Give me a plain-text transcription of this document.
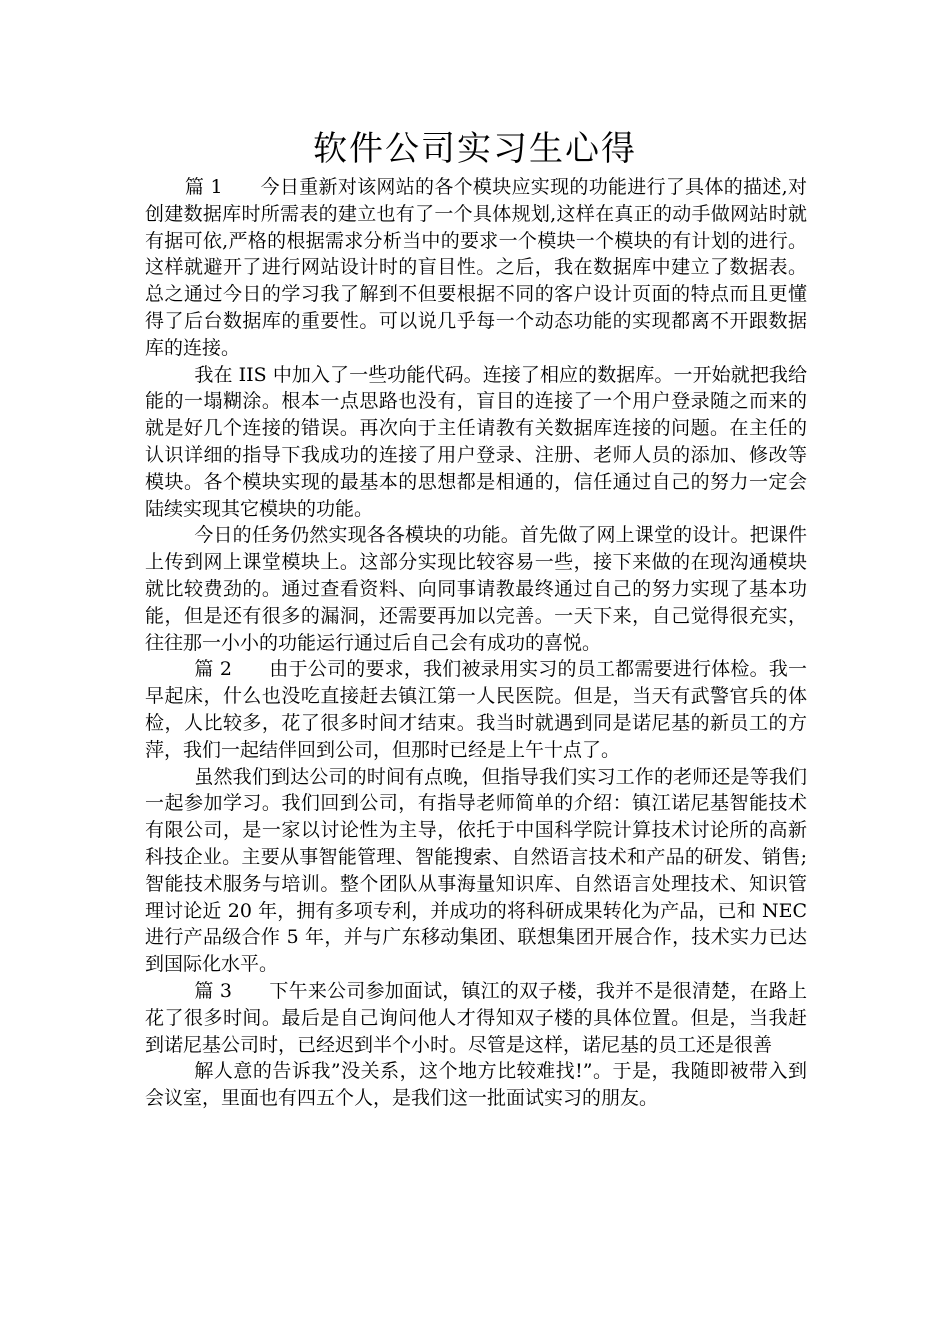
软件公司实习生心得

篇 1 今日重新对该网站的各个模块应实现的功能进行了具体的描述,对创建数据库时所需表的建立也有了一个具体规划,这样在真正的动手做网站时就有据可依,严格的根据需求分析当中的要求一个模块一个模块的有计划的进行。这样就避开了进行网站设计时的盲目性。之后，我在数据库中建立了数据表。总之通过今日的学习我了解到不但要根据不同的客户设计页面的特点而且更懂得了后台数据库的重要性。可以说几乎每一个动态功能的实现都离不开跟数据库的连接。

我在 IIS 中加入了一些功能代码。连接了相应的数据库。一开始就把我给能的一塌糊涂。根本一点思路也没有，盲目的连接了一个用户登录随之而来的就是好几个连接的错误。再次向于主任请教有关数据库连接的问题。在主任的认识详细的指导下我成功的连接了用户登录、注册、老师人员的添加、修改等模块。各个模块实现的最基本的思想都是相通的，信任通过自己的努力一定会陆续实现其它模块的功能。

今日的任务仍然实现各各模块的功能。首先做了网上课堂的设计。把课件上传到网上课堂模块上。这部分实现比较容易一些，接下来做的在现沟通模块就比较费劲的。通过查看资料、向同事请教最终通过自己的努力实现了基本功能，但是还有很多的漏洞，还需要再加以完善。一天下来，自己觉得很充实，往往那一小小的功能运行通过后自己会有成功的喜悦。

篇 2 由于公司的要求，我们被录用实习的员工都需要进行体检。我一早起床，什么也没吃直接赶去镇江第一人民医院。但是，当天有武警官兵的体检，人比较多，花了很多时间才结束。我当时就遇到同是诺尼基的新员工的方萍，我们一起结伴回到公司，但那时已经是上午十点了。

虽然我们到达公司的时间有点晚，但指导我们实习工作的老师还是等我们一起参加学习。我们回到公司，有指导老师简单的介绍：镇江诺尼基智能技术有限公司，是一家以讨论性为主导，依托于中国科学院计算技术讨论所的高新科技企业。主要从事智能管理、智能搜索、自然语言技术和产品的研发、销售;智能技术服务与培训。整个团队从事海量知识库、自然语言处理技术、知识管理讨论近 20 年，拥有多项专利，并成功的将科研成果转化为产品，已和 NEC 进行产品级合作 5 年，并与广东移动集团、联想集团开展合作，技术实力已达到国际化水平。

篇 3 下午来公司参加面试，镇江的双子楼，我并不是很清楚，在路上花了很多时间。最后是自己询问他人才得知双子楼的具体位置。但是，当我赶到诺尼基公司时，已经迟到半个小时。尽管是这样，诺尼基的员工还是很善

解人意的告诉我”没关系，这个地方比较难找!”。于是，我随即被带入到会议室，里面也有四五个人，是我们这一批面试实习的朋友。
